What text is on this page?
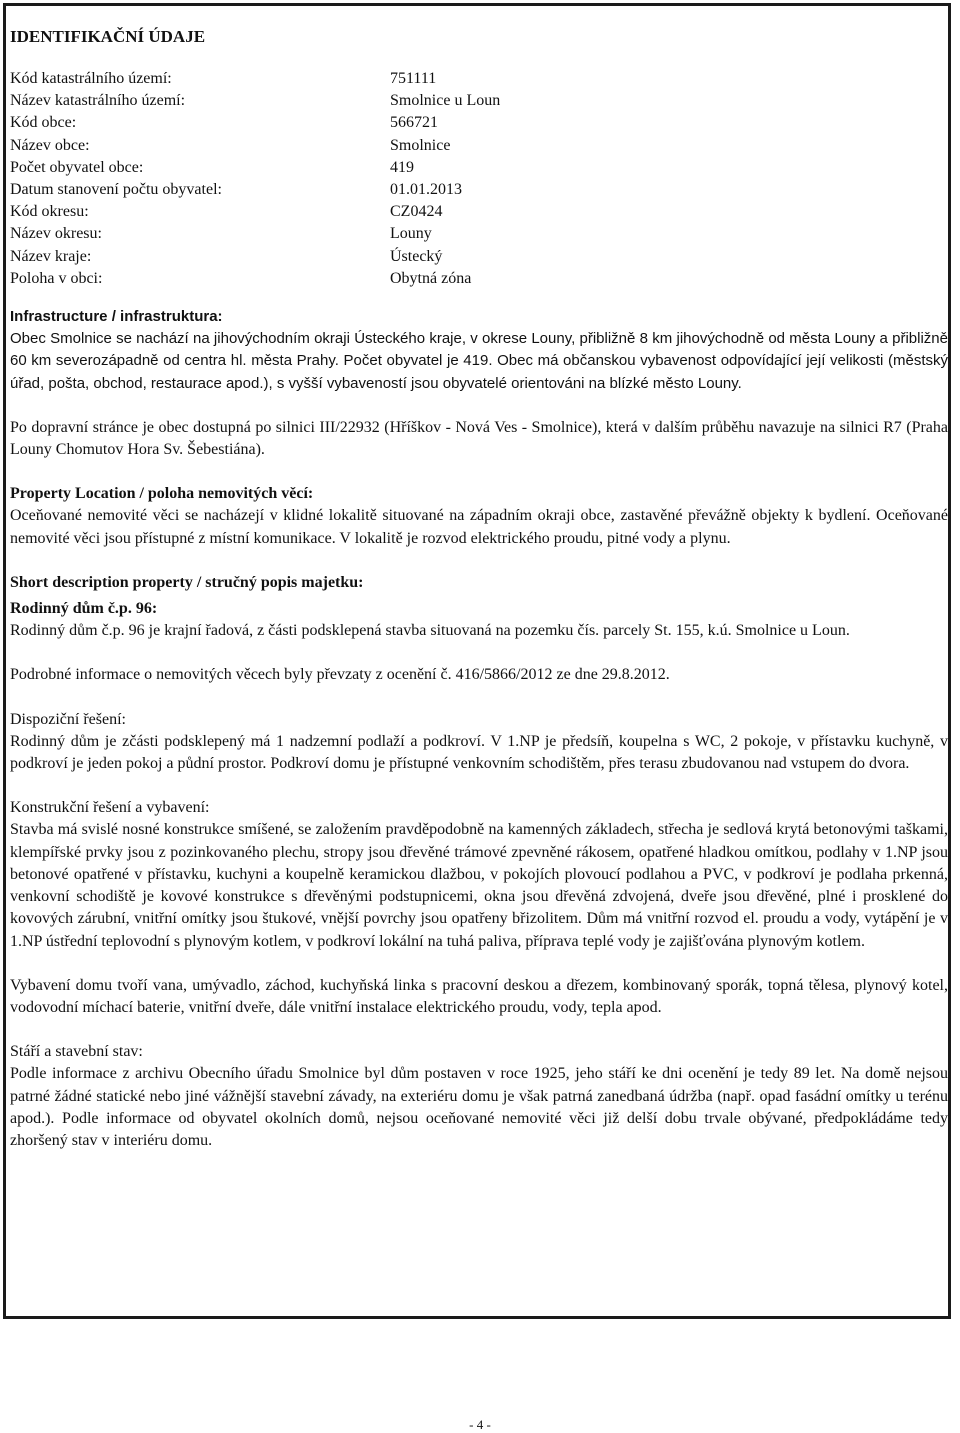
IDENTIFIKAČNÍ ÚDAJE
Kód katastrálního území:	751111
Název katastrálního území:	Smolnice u Loun
Kód obce:	566721
Název obce:	Smolnice
Počet obyvatel obce:	419
Datum stanovení počtu obyvatel:	01.01.2013
Kód okresu:	CZ0424
Název okresu:	Louny
Název kraje:	Ústecký
Poloha v obci:	Obytná zóna
Infrastructure / infrastruktura:

Obec Smolnice se nachází na jihovýchodním okraji Ústeckého kraje, v okrese Louny, přibližně 8 km jihovýchodně od města Louny a přibližně 60 km severozápadně od centra hl. města Prahy. Počet obyvatel je 419. Obec má občanskou vybavenost odpovídající její velikosti (městský úřad, pošta, obchod, restaurace apod.), s vyšší vybaveností jsou obyvatelé orientováni na blízké město Louny.

Po dopravní stránce je obec dostupná po silnici III/22932 (Hříškov - Nová Ves - Smolnice), která v dalším průběhu navazuje na silnici R7 (Praha Louny Chomutov Hora Sv. Šebestiána).

Property Location / poloha nemovitých věcí:

Oceňované nemovité věci se nacházejí v klidné lokalitě situované na západním okraji obce, zastavěné převážně objekty k bydlení. Oceňované nemovité věci jsou přístupné z místní komunikace. V lokalitě je rozvod elektrického proudu, pitné vody a plynu.

Short description property / stručný popis majetku:
Rodinný dům č.p. 96:

Rodinný dům č.p. 96 je krajní řadová, z části podsklepená stavba situovaná na pozemku čís. parcely St. 155, k.ú. Smolnice u Loun.

Podrobné informace o nemovitých věcech byly převzaty z ocenění č. 416/5866/2012 ze dne 29.8.2012.

Dispoziční řešení:

Rodinný dům je zčásti podsklepený má 1 nadzemní podlaží a podkroví. V 1.NP je předsíň, koupelna s WC, 2 pokoje, v přístavku kuchyně, v podkroví je jeden pokoj a půdní prostor. Podkroví domu je přístupné venkovním schodištěm, přes terasu zbudovanou nad vstupem do dvora.

Konstrukční řešení a vybavení:

Stavba má svislé nosné konstrukce smíšené, se založením pravděpodobně na kamenných základech, střecha je sedlová krytá betonovými taškami, klempířské prvky jsou z pozinkovaného plechu, stropy jsou dřevěné trámové zpevněné rákosem, opatřené hladkou omítkou, podlahy v 1.NP jsou betonové opatřené v přístavku, kuchyni a koupelně keramickou dlažbou, v pokojích plovoucí podlahou a PVC, v podkroví je podlaha prkenná, venkovní schodiště je kovové konstrukce s dřevěnými podstupnicemi, okna jsou dřevěná zdvojená, dveře jsou dřevěné, plné i prosklené do kovových zárubní, vnitřní omítky jsou štukové, vnější povrchy jsou opatřeny břizolitem. Dům má vnitřní rozvod el. proudu a vody, vytápění je v 1.NP ústřední teplovodní s plynovým kotlem, v podkroví lokální na tuhá paliva, příprava teplé vody je zajišťována plynovým kotlem.

Vybavení domu tvoří vana, umývadlo, záchod, kuchyňská linka s pracovní deskou a dřezem, kombinovaný sporák, topná tělesa, plynový kotel, vodovodní míchací baterie, vnitřní dveře, dále vnitřní instalace elektrického proudu, vody, tepla apod.

Stáří a stavební stav:

Podle informace z archivu Obecního úřadu Smolnice byl dům postaven v roce 1925, jeho stáří ke dni ocenění je tedy 89 let. Na domě nejsou patrné žádné statické nebo jiné vážnější stavební závady, na exteriéru domu je však patrná zanedbaná údržba (např. opad fasádní omítky u terénu apod.). Podle informace od obyvatel okolních domů, nejsou oceňované nemovité věci již delší dobu trvale obývané, předpokládáme tedy zhoršený stav v interiéru domu.

- 4 -
